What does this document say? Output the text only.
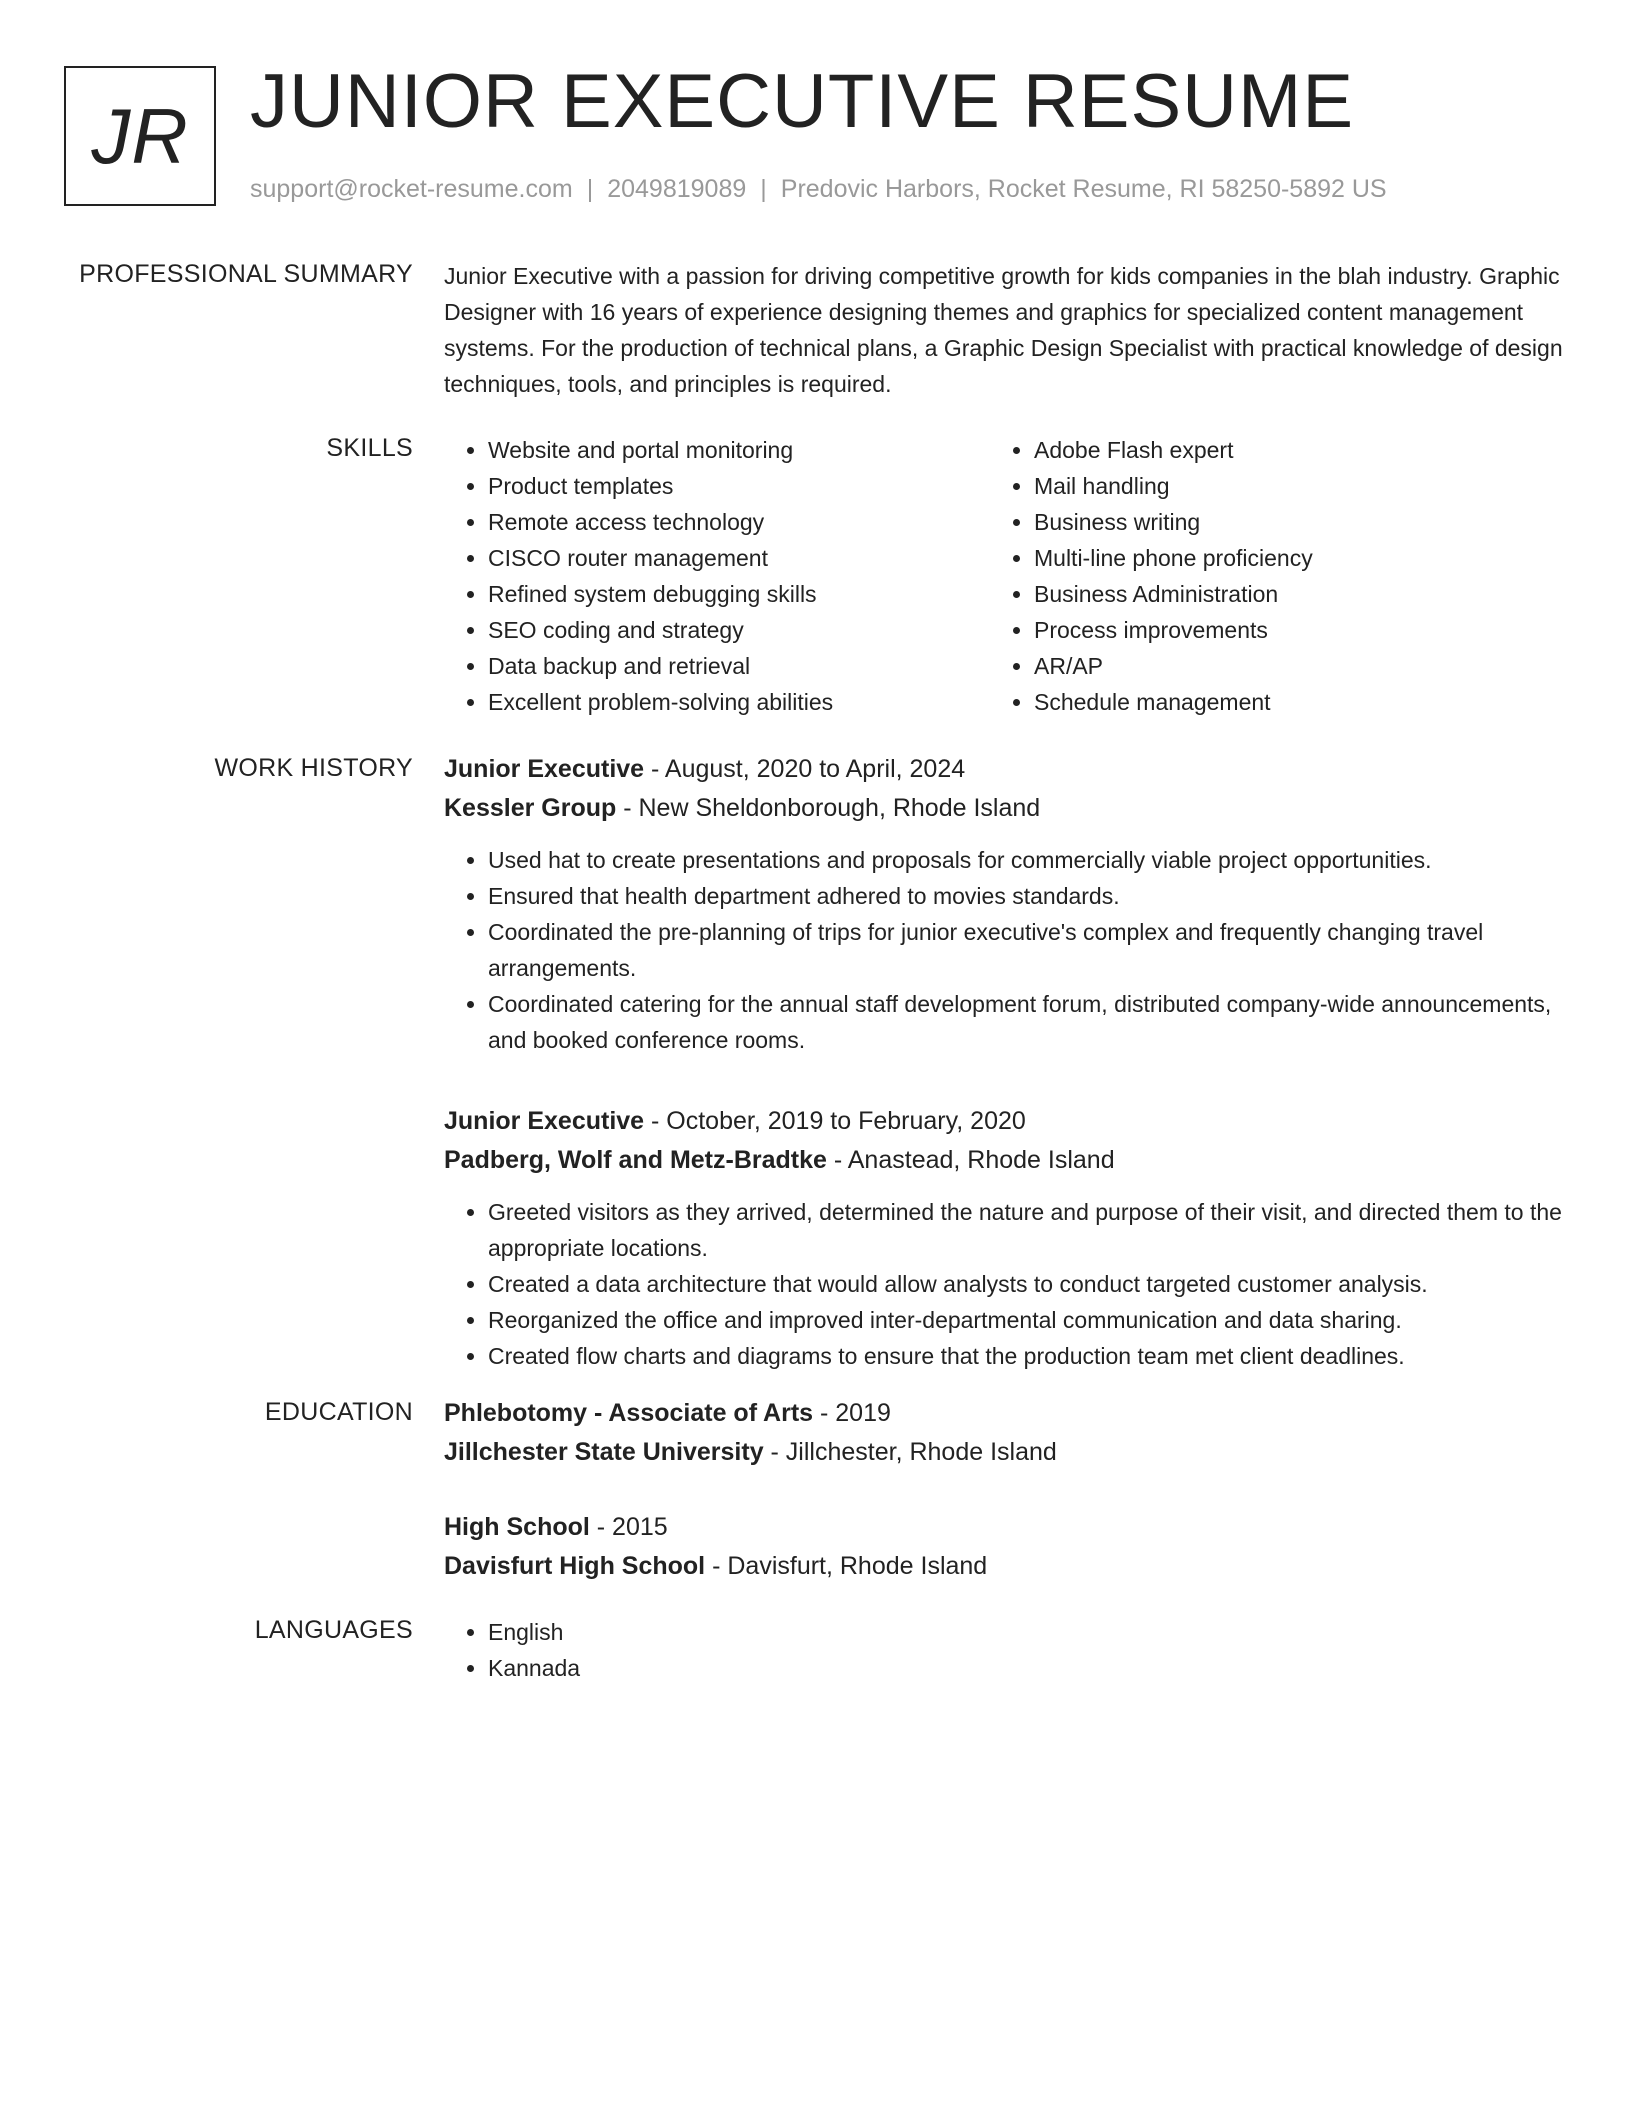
JR JUNIOR EXECUTIVE RESUME
support@rocket-resume.com | 2049819089 | Predovic Harbors, Rocket Resume, RI 58250-5892 US
PROFESSIONAL SUMMARY Junior Executive with a passion for driving competitive growth for kids companies in the blah industry. Graphic Designer with 16 years of experience designing themes and graphics for specialized content management systems. For the production of technical plans, a Graphic Design Specialist with practical knowledge of design techniques, tools, and principles is required.

SKILLS	• Website and portal monitoring
• Product templates
• Remote access technology
• CISCO router management
• Refined system debugging skills
• SEO coding and strategy
• Data backup and retrieval
• Excellent problem-solving abilities
• Adobe Flash expert
• Mail handling
• Business writing
• Multi-line phone proficiency
• Business Administration
• Process improvements
• AR/AP
• Schedule management
WORK HISTORY Junior Executive - August, 2020 to April, 2024
Kessler Group - New Sheldonborough, Rhode Island
• Used hat to create presentations and proposals for commercially viable project opportunities.
• Ensured that health department adhered to movies standards.
• Coordinated the pre-planning of trips for junior executive's complex and frequently changing travel arrangements.
• Coordinated catering for the annual staff development forum, distributed company-wide announcements, and booked conference rooms.
Junior Executive - October, 2019 to February, 2020
Padberg, Wolf and Metz-Bradtke - Anastead, Rhode Island
• Greeted visitors as they arrived, determined the nature and purpose of their visit, and directed them to the appropriate locations.
• Created a data architecture that would allow analysts to conduct targeted customer analysis.
• Reorganized the office and improved inter-departmental communication and data sharing.
• Created flow charts and diagrams to ensure that the production team met client deadlines.
EDUCATION Phlebotomy - Associate of Arts - 2019
Jillchester State University - Jillchester, Rhode Island
High School - 2015
Davisfurt High School - Davisfurt, Rhode Island
LANGUAGES	• English
• Kannada
